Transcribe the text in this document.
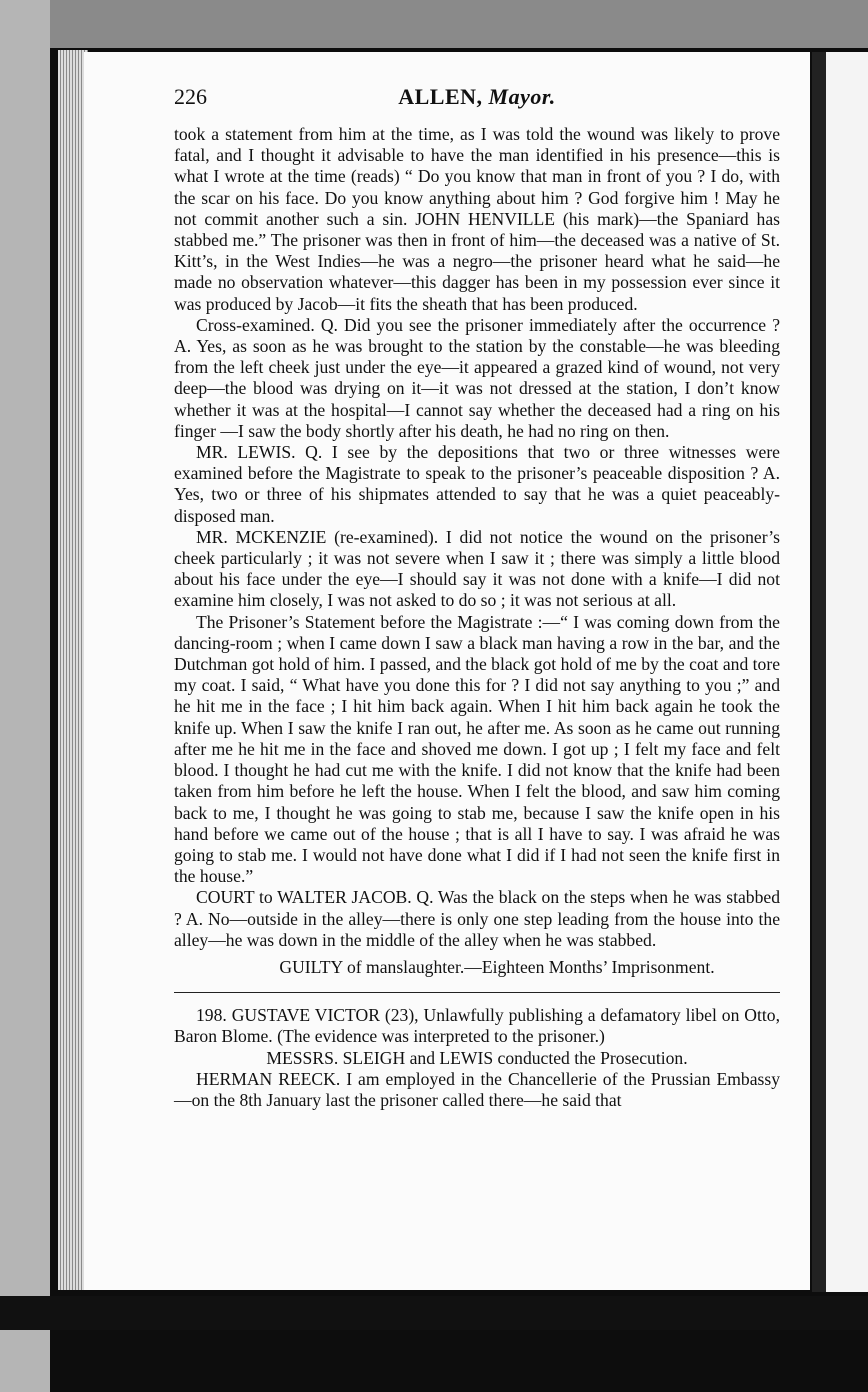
226	ALLEN, Mayor.

took a statement from him at the time, as I was told the wound was likely to prove fatal, and I thought it advisable to have the man identified in his presence—this is what I wrote at the time (reads) “ Do you know that man in front of you ? I do, with the scar on his face. Do you know anything about him ? God forgive him ! May he not commit another such a sin. JOHN HENVILLE (his mark)—the Spaniard has stabbed me.” The prisoner was then in front of him—the deceased was a native of St. Kitt’s, in the West Indies—he was a negro—the prisoner heard what he said—he made no observation whatever—this dagger has been in my possession ever since it was produced by Jacob—it fits the sheath that has been produced.

Cross-examined. Q. Did you see the prisoner immediately after the occurrence ? A. Yes, as soon as he was brought to the station by the constable—he was bleeding from the left cheek just under the eye—it appeared a grazed kind of wound, not very deep—the blood was drying on it—it was not dressed at the station, I don’t know whether it was at the hospital—I cannot say whether the deceased had a ring on his finger —I saw the body shortly after his death, he had no ring on then.

MR. LEWIS. Q. I see by the depositions that two or three witnesses were examined before the Magistrate to speak to the prisoner’s peaceable disposition ? A. Yes, two or three of his shipmates attended to say that he was a quiet peaceably-disposed man.

MR. MCKENZIE (re-examined). I did not notice the wound on the prisoner’s cheek particularly ; it was not severe when I saw it ; there was simply a little blood about his face under the eye—I should say it was not done with a knife—I did not examine him closely, I was not asked to do so ; it was not serious at all.

The Prisoner’s Statement before the Magistrate :—“ I was coming down from the dancing-room ; when I came down I saw a black man having a row in the bar, and the Dutchman got hold of him. I passed, and the black got hold of me by the coat and tore my coat. I said, “ What have you done this for ? I did not say anything to you ;” and he hit me in the face ; I hit him back again. When I hit him back again he took the knife up. When I saw the knife I ran out, he after me. As soon as he came out running after me he hit me in the face and shoved me down. I got up ; I felt my face and felt blood. I thought he had cut me with the knife. I did not know that the knife had been taken from him before he left the house. When I felt the blood, and saw him coming back to me, I thought he was going to stab me, because I saw the knife open in his hand before we came out of the house ; that is all I have to say. I was afraid he was going to stab me. I would not have done what I did if I had not seen the knife first in the house.”

COURT to WALTER JACOB. Q. Was the black on the steps when he was stabbed ? A. No—outside in the alley—there is only one step leading from the house into the alley—he was down in the middle of the alley when he was stabbed.

GUILTY of manslaughter.—Eighteen Months’ Imprisonment.

198. GUSTAVE VICTOR (23), Unlawfully publishing a defamatory libel on Otto, Baron Blome. (The evidence was interpreted to the prisoner.)

MESSRS. SLEIGH and LEWIS conducted the Prosecution.

HERMAN REECK. I am employed in the Chancellerie of the Prussian Embassy—on the 8th January last the prisoner called there—he said that
